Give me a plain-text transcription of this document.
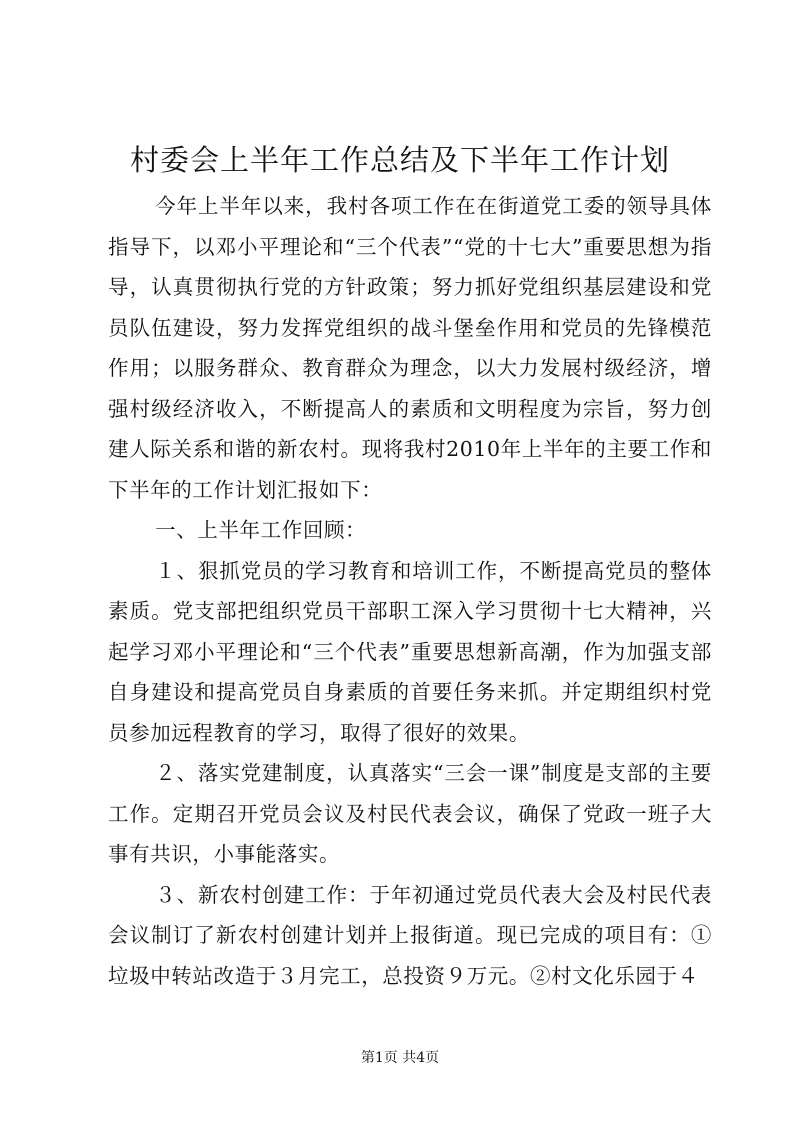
村委会上半年工作总结及下半年工作计划

今年上半年以来，我村各项工作在在街道党工委的领导具体指导下，以邓小平理论和“三个代表”“党的十七大”重要思想为指导，认真贯彻执行党的方针政策；努力抓好党组织基层建设和党员队伍建设，努力发挥党组织的战斗堡垒作用和党员的先锋模范作用；以服务群众、教育群众为理念，以大力发展村级经济，增强村级经济收入，不断提高人的素质和文明程度为宗旨，努力创建人际关系和谐的新农村。现将我村2010年上半年的主要工作和下半年的工作计划汇报如下：

一、上半年工作回顾：

１、狠抓党员的学习教育和培训工作，不断提高党员的整体素质。党支部把组织党员干部职工深入学习贯彻十七大精神，兴起学习邓小平理论和“三个代表”重要思想新高潮，作为加强支部自身建设和提高党员自身素质的首要任务来抓。并定期组织村党员参加远程教育的学习，取得了很好的效果。

２、落实党建制度，认真落实“三会一课”制度是支部的主要工作。定期召开党员会议及村民代表会议，确保了党政一班子大事有共识，小事能落实。

３、新农村创建工作：于年初通过党员代表大会及村民代表会议制订了新农村创建计划并上报街道。现已完成的项目有：①垃圾中转站改造于３月完工，总投资９万元。②村文化乐园于４

第1页 共4页
